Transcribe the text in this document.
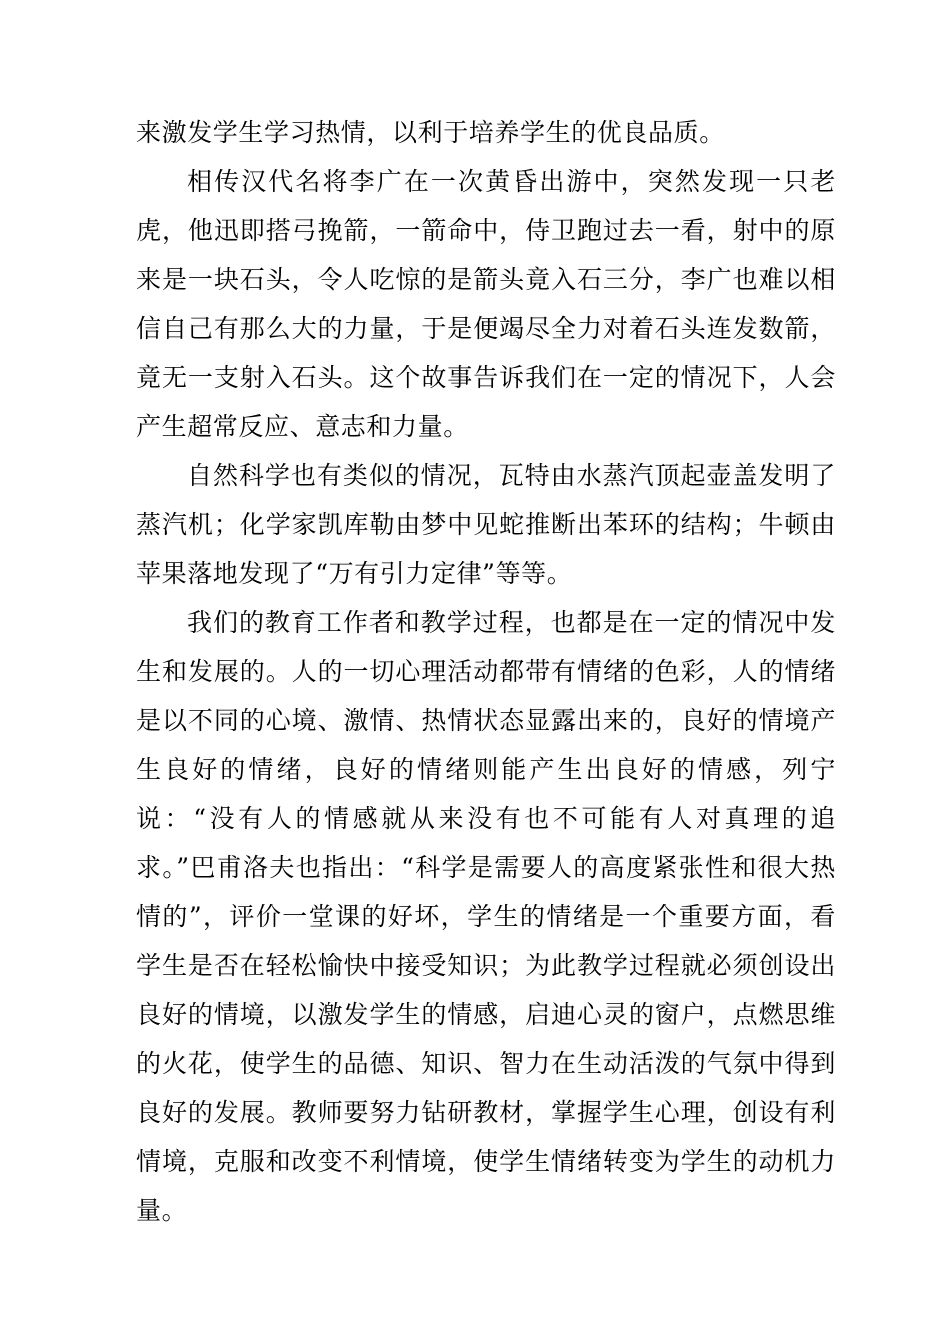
来激发学生学习热情，以利于培养学生的优良品质。

相传汉代名将李广在一次黄昏出游中，突然发现一只老虎，他迅即搭弓挽箭，一箭命中，侍卫跑过去一看，射中的原来是一块石头，令人吃惊的是箭头竟入石三分，李广也难以相信自己有那么大的力量，于是便竭尽全力对着石头连发数箭，竟无一支射入石头。这个故事告诉我们在一定的情况下，人会产生超常反应、意志和力量。

自然科学也有类似的情况，瓦特由水蒸汽顶起壶盖发明了蒸汽机；化学家凯库勒由梦中见蛇推断出苯环的结构；牛顿由苹果落地发现了“万有引力定律”等等。

我们的教育工作者和教学过程，也都是在一定的情况中发生和发展的。人的一切心理活动都带有情绪的色彩，人的情绪是以不同的心境、激情、热情状态显露出来的，良好的情境产生良好的情绪，良好的情绪则能产生出良好的情感，列宁说：“没有人的情感就从来没有也不可能有人对真理的追求。”巴甫洛夫也指出：“科学是需要人的高度紧张性和很大热情的”，评价一堂课的好坏，学生的情绪是一个重要方面，看学生是否在轻松愉快中接受知识；为此教学过程就必须创设出良好的情境，以激发学生的情感，启迪心灵的窗户，点燃思维的火花，使学生的品德、知识、智力在生动活泼的气氛中得到良好的发展。教师要努力钻研教材，掌握学生心理，创设有利情境，克服和改变不利情境，使学生情绪转变为学生的动机力量。
